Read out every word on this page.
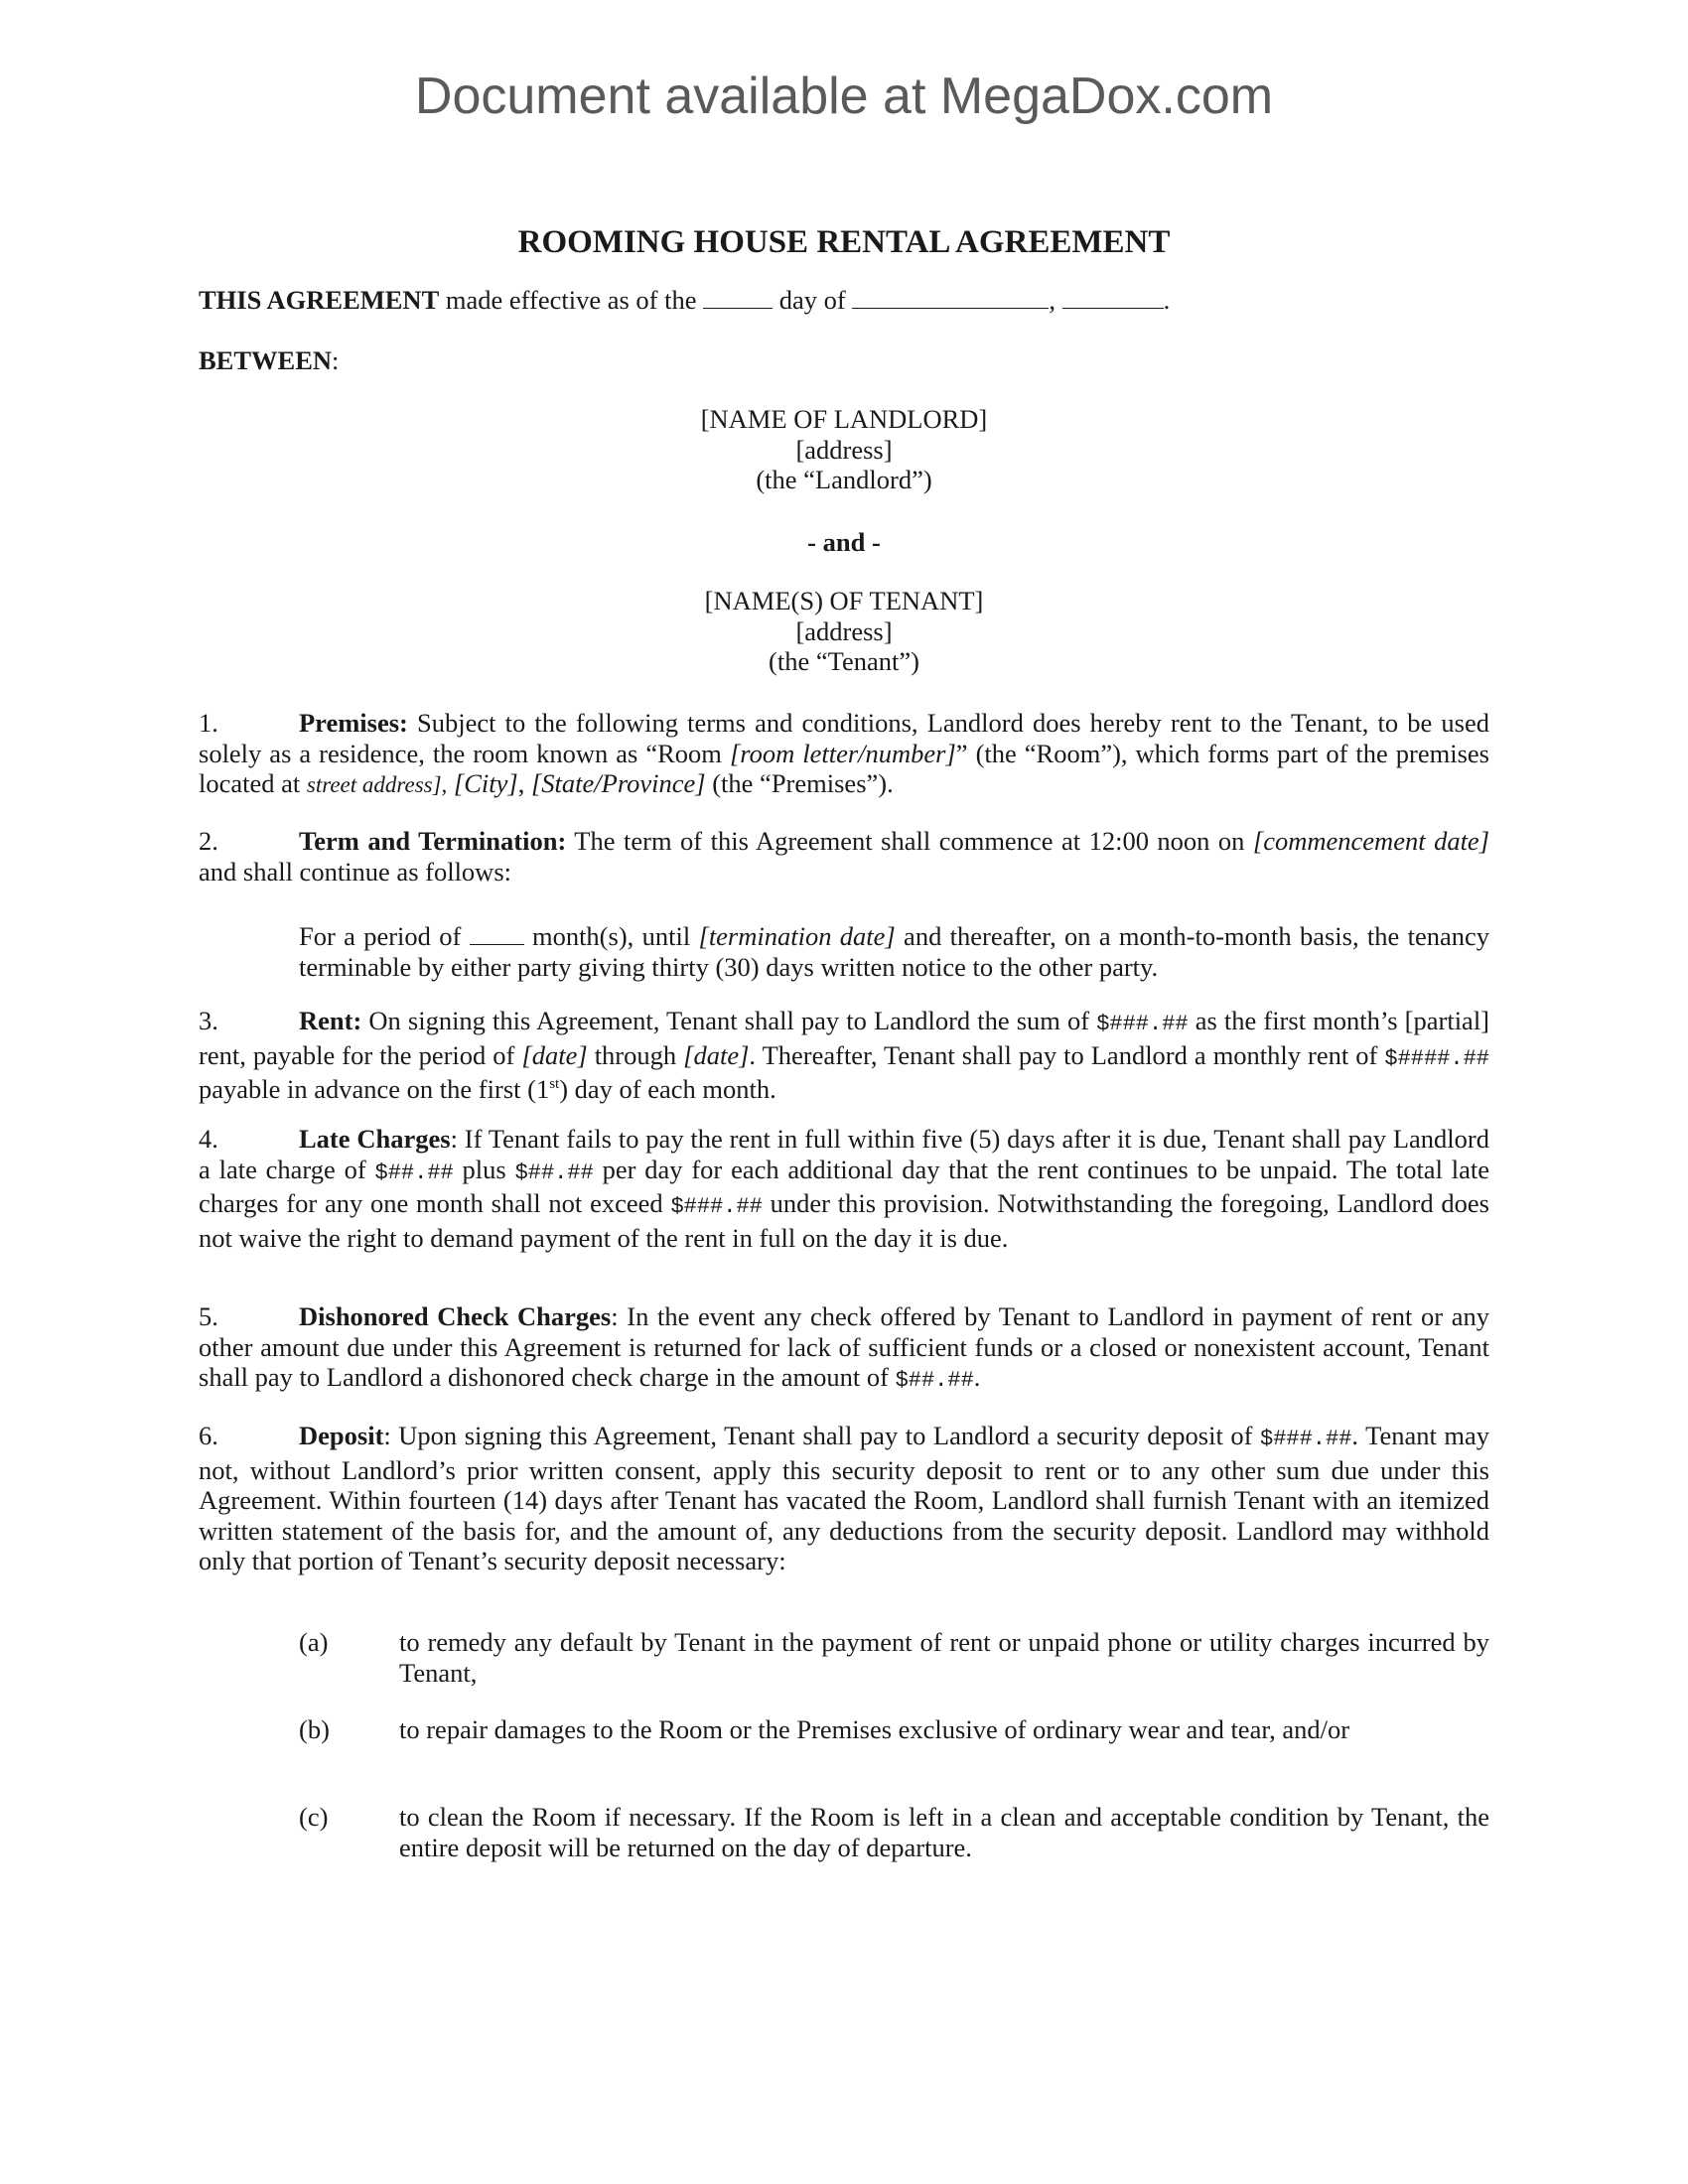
Document available at MegaDox.com
ROOMING HOUSE RENTAL AGREEMENT
THIS AGREEMENT made effective as of the	day of	,	.
BETWEEN:
[NAME OF LANDLORD]
[address]
(the “Landlord”)
- and -
[NAME(S) OF TENANT]
[address]
(the “Tenant”)
1.	Premises: Subject to the following terms and conditions, Landlord does hereby rent to the Tenant, to be used solely as a residence, the room known as “Room [room letter/number]” (the “Room”), which forms part of the premises located at street address], [City], [State/Province] (the “Premises”).
2.	Term and Termination: The term of this Agreement shall commence at 12:00 noon on [commencement date] and shall continue as follows:
For a period of  month(s), until [termination date] and thereafter, on a month-to-month basis, the tenancy terminable by either party giving thirty (30) days written notice to the other party.
3.	Rent: On signing this Agreement, Tenant shall pay to Landlord the sum of $###.## as the first month’s [partial] rent, payable for the period of [date] through [date]. Thereafter, Tenant shall pay to Landlord a monthly rent of $####.## payable in advance on the first (1st) day of each month.
4.	Late Charges: If Tenant fails to pay the rent in full within five (5) days after it is due, Tenant shall pay Landlord a late charge of $##.## plus $##.## per day for each additional day that the rent continues to be unpaid. The total late charges for any one month shall not exceed $###.## under this provision. Notwithstanding the foregoing, Landlord does not waive the right to demand payment of the rent in full on the day it is due.
5.	Dishonored Check Charges: In the event any check offered by Tenant to Landlord in payment of rent or any other amount due under this Agreement is returned for lack of sufficient funds or a closed or nonexistent account, Tenant shall pay to Landlord a dishonored check charge in the amount of $##.##.
6.	Deposit: Upon signing this Agreement, Tenant shall pay to Landlord a security deposit of $###.##. Tenant may not, without Landlord’s prior written consent, apply this security deposit to rent or to any other sum due under this Agreement. Within fourteen (14) days after Tenant has vacated the Room, Landlord shall furnish Tenant with an itemized written statement of the basis for, and the amount of, any deductions from the security deposit. Landlord may withhold only that portion of Tenant’s security deposit necessary:
(a)	to remedy any default by Tenant in the payment of rent or unpaid phone or utility charges incurred by Tenant,
(b)	to repair damages to the Room or the Premises exclusive of ordinary wear and tear, and/or
(c)	to clean the Room if necessary. If the Room is left in a clean and acceptable condition by Tenant, the entire deposit will be returned on the day of departure.
